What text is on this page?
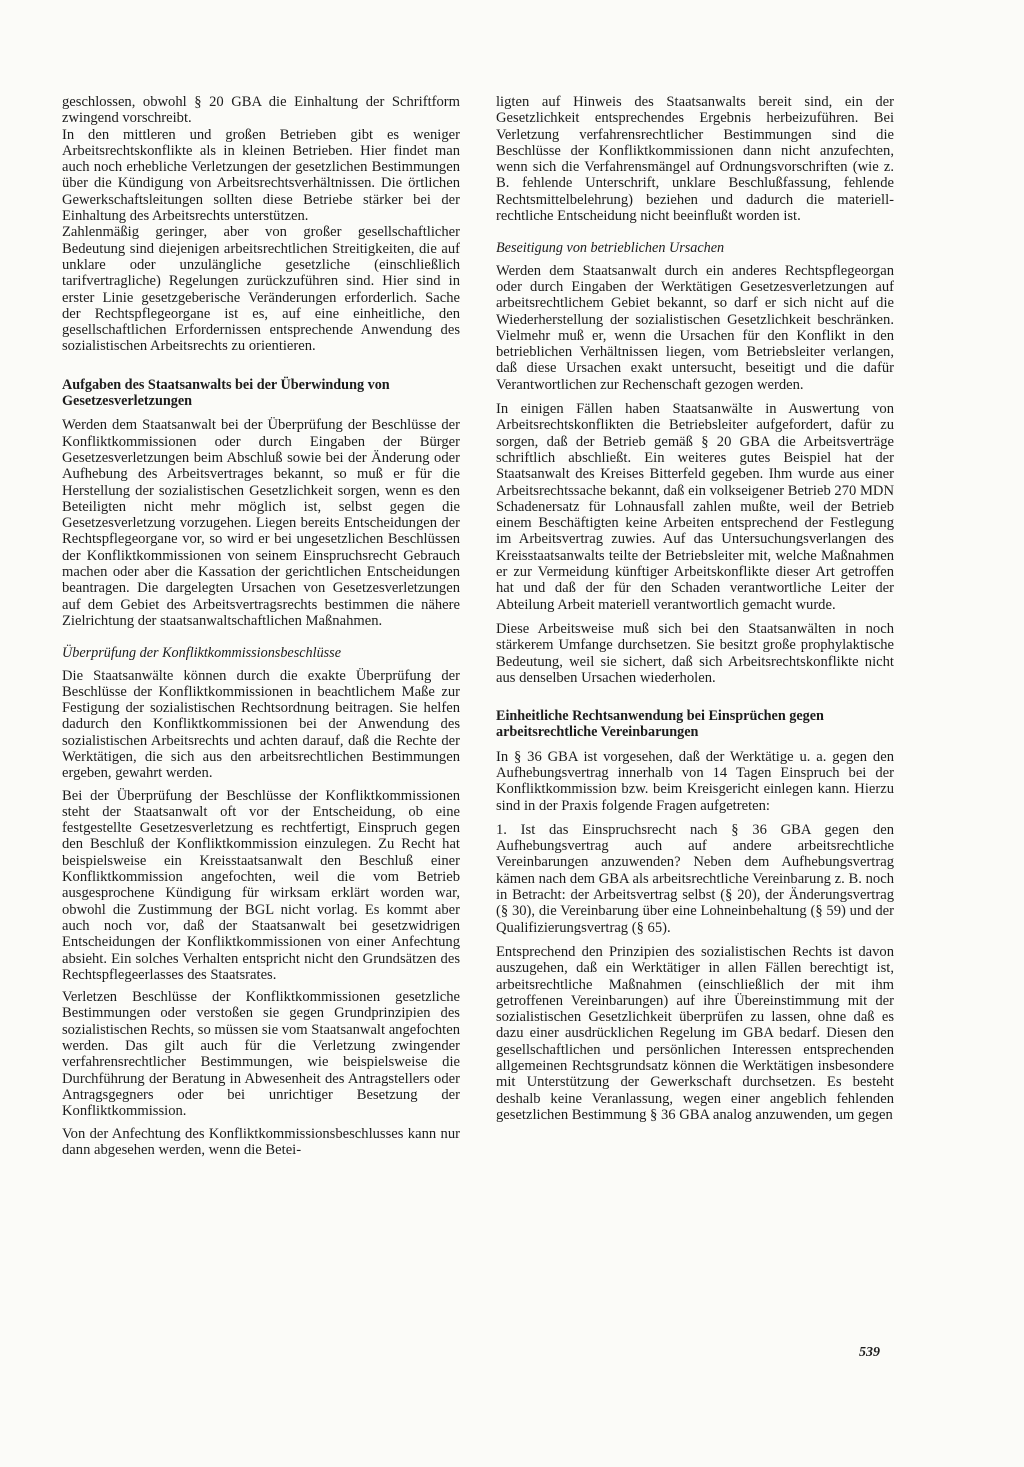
geschlossen, obwohl § 20 GBA die Einhaltung der Schriftform zwingend vorschreibt.

In den mittleren und großen Betrieben gibt es weniger Arbeitsrechtskonflikte als in kleinen Betrieben. Hier findet man auch noch erhebliche Verletzungen der gesetzlichen Bestimmungen über die Kündigung von Arbeitsrechtsverhältnissen. Die örtlichen Gewerkschaftsleitungen sollten diese Betriebe stärker bei der Einhaltung des Arbeitsrechts unterstützen.

Zahlenmäßig geringer, aber von großer gesellschaftlicher Bedeutung sind diejenigen arbeitsrechtlichen Streitigkeiten, die auf unklare oder unzulängliche gesetzliche (einschließlich tarifvertragliche) Regelungen zurückzuführen sind. Hier sind in erster Linie gesetzgeberische Veränderungen erforderlich. Sache der Rechtspflegeorgane ist es, auf eine einheitliche, den gesellschaftlichen Erfordernissen entsprechende Anwendung des sozialistischen Arbeitsrechts zu orientieren.

Aufgaben des Staatsanwalts bei der Überwindung von Gesetzesverletzungen

Werden dem Staatsanwalt bei der Überprüfung der Beschlüsse der Konfliktkommissionen oder durch Eingaben der Bürger Gesetzesverletzungen beim Abschluß sowie bei der Änderung oder Aufhebung des Arbeitsvertrages bekannt, so muß er für die Herstellung der sozialistischen Gesetzlichkeit sorgen, wenn es den Beteiligten nicht mehr möglich ist, selbst gegen die Gesetzesverletzung vorzugehen. Liegen bereits Entscheidungen der Rechtspflegeorgane vor, so wird er bei ungesetzlichen Beschlüssen der Konfliktkommissionen von seinem Einspruchsrecht Gebrauch machen oder aber die Kassation der gerichtlichen Entscheidungen beantragen. Die dargelegten Ursachen von Gesetzesverletzungen auf dem Gebiet des Arbeitsvertragsrechts bestimmen die nähere Zielrichtung der staatsanwaltschaftlichen Maßnahmen.

Überprüfung der Konfliktkommissionsbeschlüsse

Die Staatsanwälte können durch die exakte Überprüfung der Beschlüsse der Konfliktkommissionen in beachtlichem Maße zur Festigung der sozialistischen Rechtsordnung beitragen. Sie helfen dadurch den Konfliktkommissionen bei der Anwendung des sozialistischen Arbeitsrechts und achten darauf, daß die Rechte der Werktätigen, die sich aus den arbeitsrechtlichen Bestimmungen ergeben, gewahrt werden.

Bei der Überprüfung der Beschlüsse der Konfliktkommissionen steht der Staatsanwalt oft vor der Entscheidung, ob eine festgestellte Gesetzesverletzung es rechtfertigt, Einspruch gegen den Beschluß der Konfliktkommission einzulegen. Zu Recht hat beispielsweise ein Kreisstaatsanwalt den Beschluß einer Konfliktkommission angefochten, weil die vom Betrieb ausgesprochene Kündigung für wirksam erklärt worden war, obwohl die Zustimmung der BGL nicht vorlag. Es kommt aber auch noch vor, daß der Staatsanwalt bei gesetzwidrigen Entscheidungen der Konfliktkommissionen von einer Anfechtung absieht. Ein solches Verhalten entspricht nicht den Grundsätzen des Rechtspflegeerlasses des Staatsrates.

Verletzen Beschlüsse der Konfliktkommissionen gesetzliche Bestimmungen oder verstoßen sie gegen Grundprinzipien des sozialistischen Rechts, so müssen sie vom Staatsanwalt angefochten werden. Das gilt auch für die Verletzung zwingender verfahrensrechtlicher Bestimmungen, wie beispielsweise die Durchführung der Beratung in Abwesenheit des Antragstellers oder Antragsgegners oder bei unrichtiger Besetzung der Konfliktkommission.

Von der Anfechtung des Konfliktkommissionsbeschlusses kann nur dann abgesehen werden, wenn die Betei-

ligten auf Hinweis des Staatsanwalts bereit sind, ein der Gesetzlichkeit entsprechendes Ergebnis herbeizuführen. Bei Verletzung verfahrensrechtlicher Bestimmungen sind die Beschlüsse der Konfliktkommissionen dann nicht anzufechten, wenn sich die Verfahrensmängel auf Ordnungsvorschriften (wie z. B. fehlende Unterschrift, unklare Beschlußfassung, fehlende Rechtsmittelbelehrung) beziehen und dadurch die materiell-rechtliche Entscheidung nicht beeinflußt worden ist.

Beseitigung von betrieblichen Ursachen

Werden dem Staatsanwalt durch ein anderes Rechtspflegeorgan oder durch Eingaben der Werktätigen Gesetzesverletzungen auf arbeitsrechtlichem Gebiet bekannt, so darf er sich nicht auf die Wiederherstellung der sozialistischen Gesetzlichkeit beschränken. Vielmehr muß er, wenn die Ursachen für den Konflikt in den betrieblichen Verhältnissen liegen, vom Betriebsleiter verlangen, daß diese Ursachen exakt untersucht, beseitigt und die dafür Verantwortlichen zur Rechenschaft gezogen werden.

In einigen Fällen haben Staatsanwälte in Auswertung von Arbeitsrechtskonflikten die Betriebsleiter aufgefordert, dafür zu sorgen, daß der Betrieb gemäß § 20 GBA die Arbeitsverträge schriftlich abschließt. Ein weiteres gutes Beispiel hat der Staatsanwalt des Kreises Bitterfeld gegeben. Ihm wurde aus einer Arbeitsrechtssache bekannt, daß ein volkseigener Betrieb 270 MDN Schadenersatz für Lohnausfall zahlen mußte, weil der Betrieb einem Beschäftigten keine Arbeiten entsprechend der Festlegung im Arbeitsvertrag zuwies. Auf das Untersuchungsverlangen des Kreisstaatsanwalts teilte der Betriebsleiter mit, welche Maßnahmen er zur Vermeidung künftiger Arbeitskonflikte dieser Art getroffen hat und daß der für den Schaden verantwortliche Leiter der Abteilung Arbeit materiell verantwortlich gemacht wurde.

Diese Arbeitsweise muß sich bei den Staatsanwälten in noch stärkerem Umfange durchsetzen. Sie besitzt große prophylaktische Bedeutung, weil sie sichert, daß sich Arbeitsrechtskonflikte nicht aus denselben Ursachen wiederholen.

Einheitliche Rechtsanwendung bei Einsprüchen gegen arbeitsrechtliche Vereinbarungen

In § 36 GBA ist vorgesehen, daß der Werktätige u. a. gegen den Aufhebungsvertrag innerhalb von 14 Tagen Einspruch bei der Konfliktkommission bzw. beim Kreisgericht einlegen kann. Hierzu sind in der Praxis folgende Fragen aufgetreten:

1. Ist das Einspruchsrecht nach § 36 GBA gegen den Aufhebungsvertrag auch auf andere arbeitsrechtliche Vereinbarungen anzuwenden? Neben dem Aufhebungsvertrag kämen nach dem GBA als arbeitsrechtliche Vereinbarung z. B. noch in Betracht: der Arbeitsvertrag selbst (§ 20), der Änderungsvertrag (§ 30), die Vereinbarung über eine Lohneinbehaltung (§ 59) und der Qualifizierungsvertrag (§ 65).

Entsprechend den Prinzipien des sozialistischen Rechts ist davon auszugehen, daß ein Werktätiger in allen Fällen berechtigt ist, arbeitsrechtliche Maßnahmen (einschließlich der mit ihm getroffenen Vereinbarungen) auf ihre Übereinstimmung mit der sozialistischen Gesetzlichkeit überprüfen zu lassen, ohne daß es dazu einer ausdrücklichen Regelung im GBA bedarf. Diesen den gesellschaftlichen und persönlichen Interessen entsprechenden allgemeinen Rechtsgrundsatz können die Werktätigen insbesondere mit Unterstützung der Gewerkschaft durchsetzen. Es besteht deshalb keine Veranlassung, wegen einer angeblich fehlenden gesetzlichen Bestimmung § 36 GBA analog anzuwenden, um gegen

539
